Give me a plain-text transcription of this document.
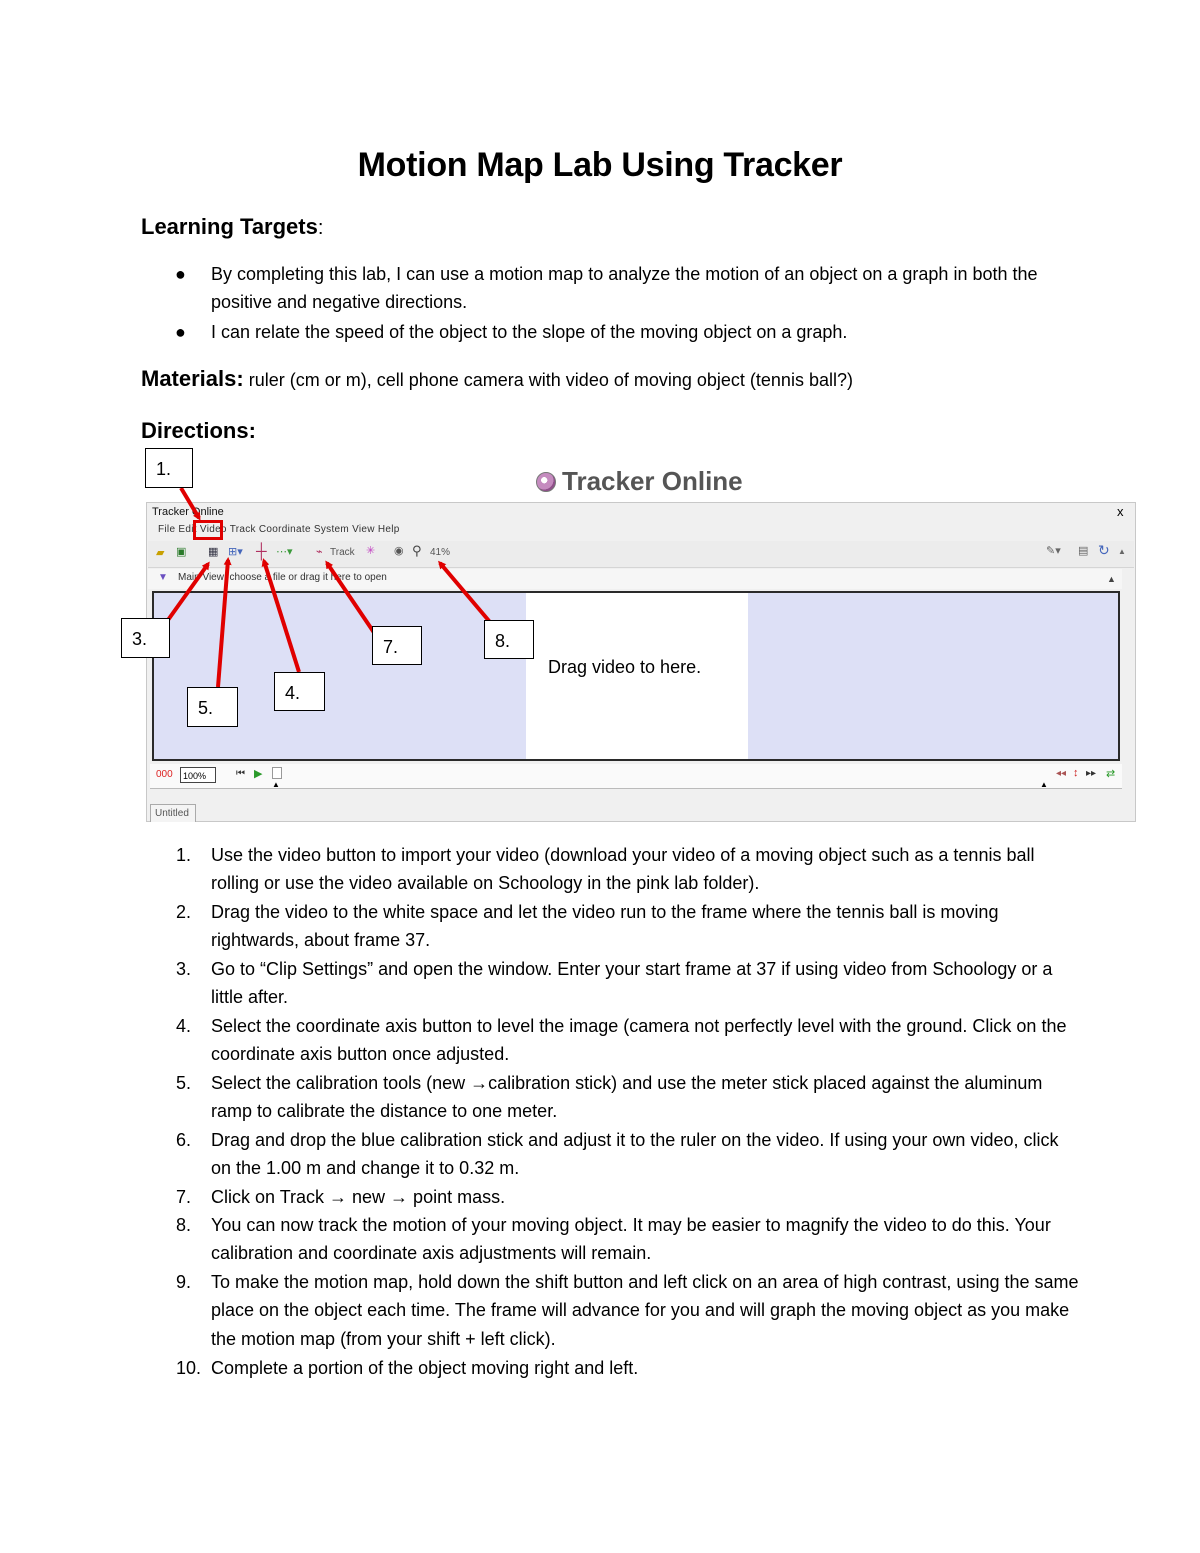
Motion Map Lab Using Tracker
Learning Targets:
● By completing this lab, I can use a motion map to analyze the motion of an object on a graph in both the positive and negative directions.
● I can relate the speed of the object to the slope of the moving object on a graph.
Materials: ruler (cm or m), cell phone camera with video of moving object (tennis ball?)
Directions:
Tracker Online
Tracker Online	x
File Edit Video Track Coordinate System View Help
▰ ▣ ▦ ⊞▾ ┼ ⋯▾ ⌁ Track ✳ ◉ ⚲ 41%	✎▾ ▤ ↻ ▲
▼ Main View: choose a file or drag it here to open	▲
Drag video to here.
000	100%	⏮ ▶
▲	▲
◂◂ ↕ ▸▸ ⇄
Untitled
1.
3.
5.
4.
7.	8.
1. Use the video button to import your video (download your video of a moving object such as a tennis ball rolling or use the video available on Schoology in the pink lab folder).
2. Drag the video to the white space and let the video run to the frame where the tennis ball is moving rightwards, about frame 37.
3. Go to “Clip Settings” and open the window. Enter your start frame at 37 if using video from Schoology or a little after.
4. Select the coordinate axis button to level the image (camera not perfectly level with the ground. Click on the coordinate axis button once adjusted.
5. Select the calibration tools (new →calibration stick) and use the meter stick placed against the aluminum ramp to calibrate the distance to one meter.
6. Drag and drop the blue calibration stick and adjust it to the ruler on the video. If using your own video, click on the 1.00 m and change it to 0.32 m.
7. Click on Track → new → point mass.
8. You can now track the motion of your moving object. It may be easier to magnify the video to do this. Your calibration and coordinate axis adjustments will remain.
9. To make the motion map, hold down the shift button and left click on an area of high contrast, using the same place on the object each time. The frame will advance for you and will graph the moving object as you make the motion map (from your shift + left click).
10. Complete a portion of the object moving right and left.
